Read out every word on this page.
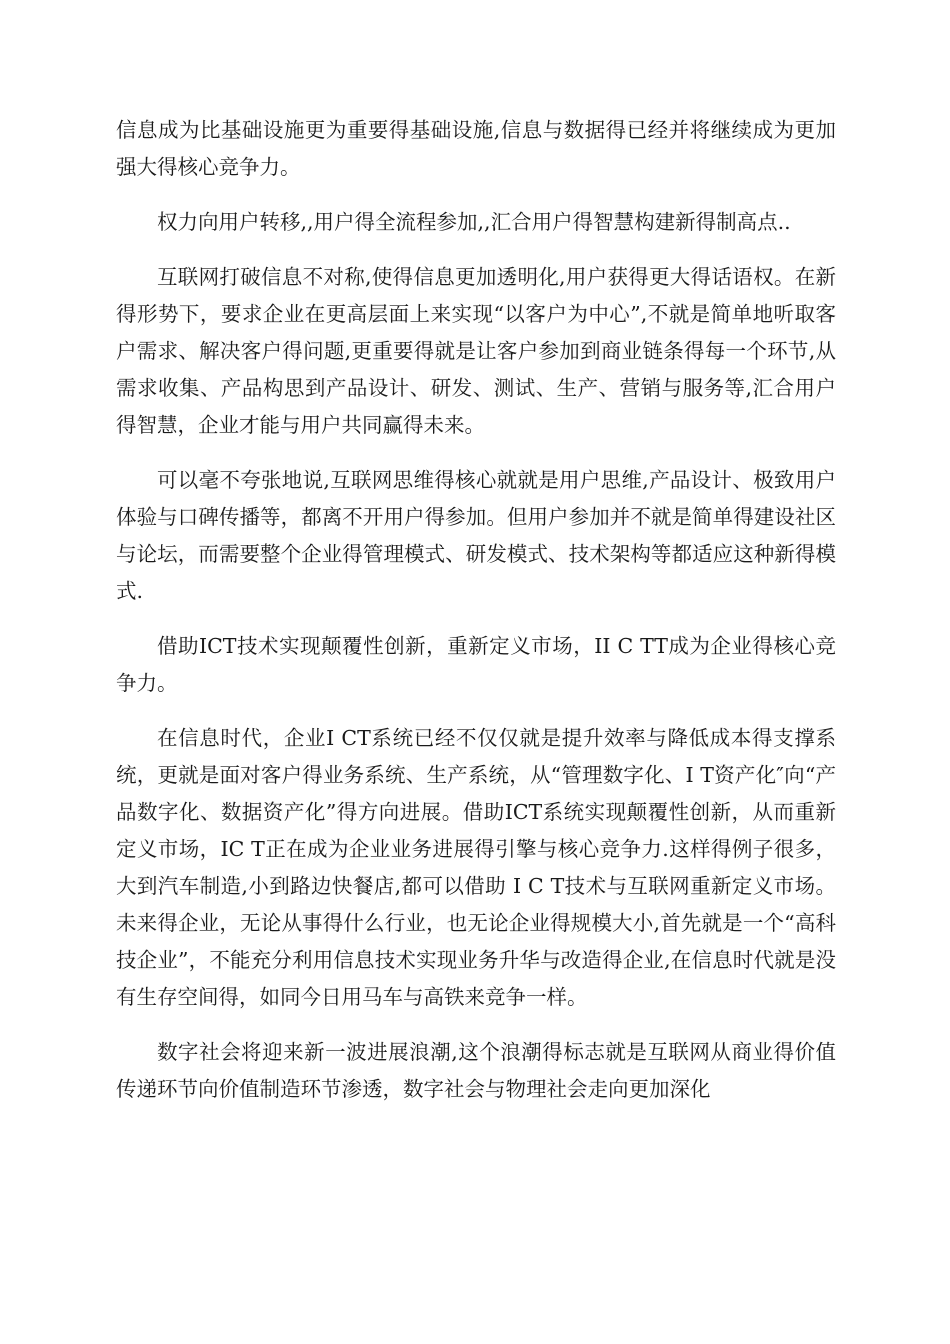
信息成为比基础设施更为重要得基础设施,信息与数据得已经并将继续成为更加强大得核心竞争力。

权力向用户转移,,用户得全流程参加,,汇合用户得智慧构建新得制高点..

互联网打破信息不对称,使得信息更加透明化,用户获得更大得话语权。在新得形势下，要求企业在更高层面上来实现“以客户为中心”,不就是简单地听取客户需求、解决客户得问题,更重要得就是让客户参加到商业链条得每一个环节,从需求收集、产品构思到产品设计、研发、测试、生产、营销与服务等,汇合用户得智慧，企业才能与用户共同赢得未来。

可以毫不夸张地说,互联网思维得核心就就是用户思维,产品设计、极致用户体验与口碑传播等，都离不开用户得参加。但用户参加并不就是简单得建设社区与论坛，而需要整个企业得管理模式、研发模式、技术架构等都适应这种新得模式.

借助ICT技术实现颠覆性创新，重新定义市场，II C TT成为企业得核心竞争力。

在信息时代，企业I CT系统已经不仅仅就是提升效率与降低成本得支撑系统，更就是面对客户得业务系统、生产系统，从“管理数字化、I T资产化″向“产品数字化、数据资产化”得方向进展。借助ICT系统实现颠覆性创新，从而重新定义市场，IC T正在成为企业业务进展得引擎与核心竞争力.这样得例子很多，大到汽车制造,小到路边快餐店,都可以借助 I C T技术与互联网重新定义市场。未来得企业，无论从事得什么行业，也无论企业得规模大小,首先就是一个“高科技企业”，不能充分利用信息技术实现业务升华与改造得企业,在信息时代就是没有生存空间得，如同今日用马车与高铁来竞争一样。

数字社会将迎来新一波进展浪潮,这个浪潮得标志就是互联网从商业得价值传递环节向价值制造环节渗透，数字社会与物理社会走向更加深化
